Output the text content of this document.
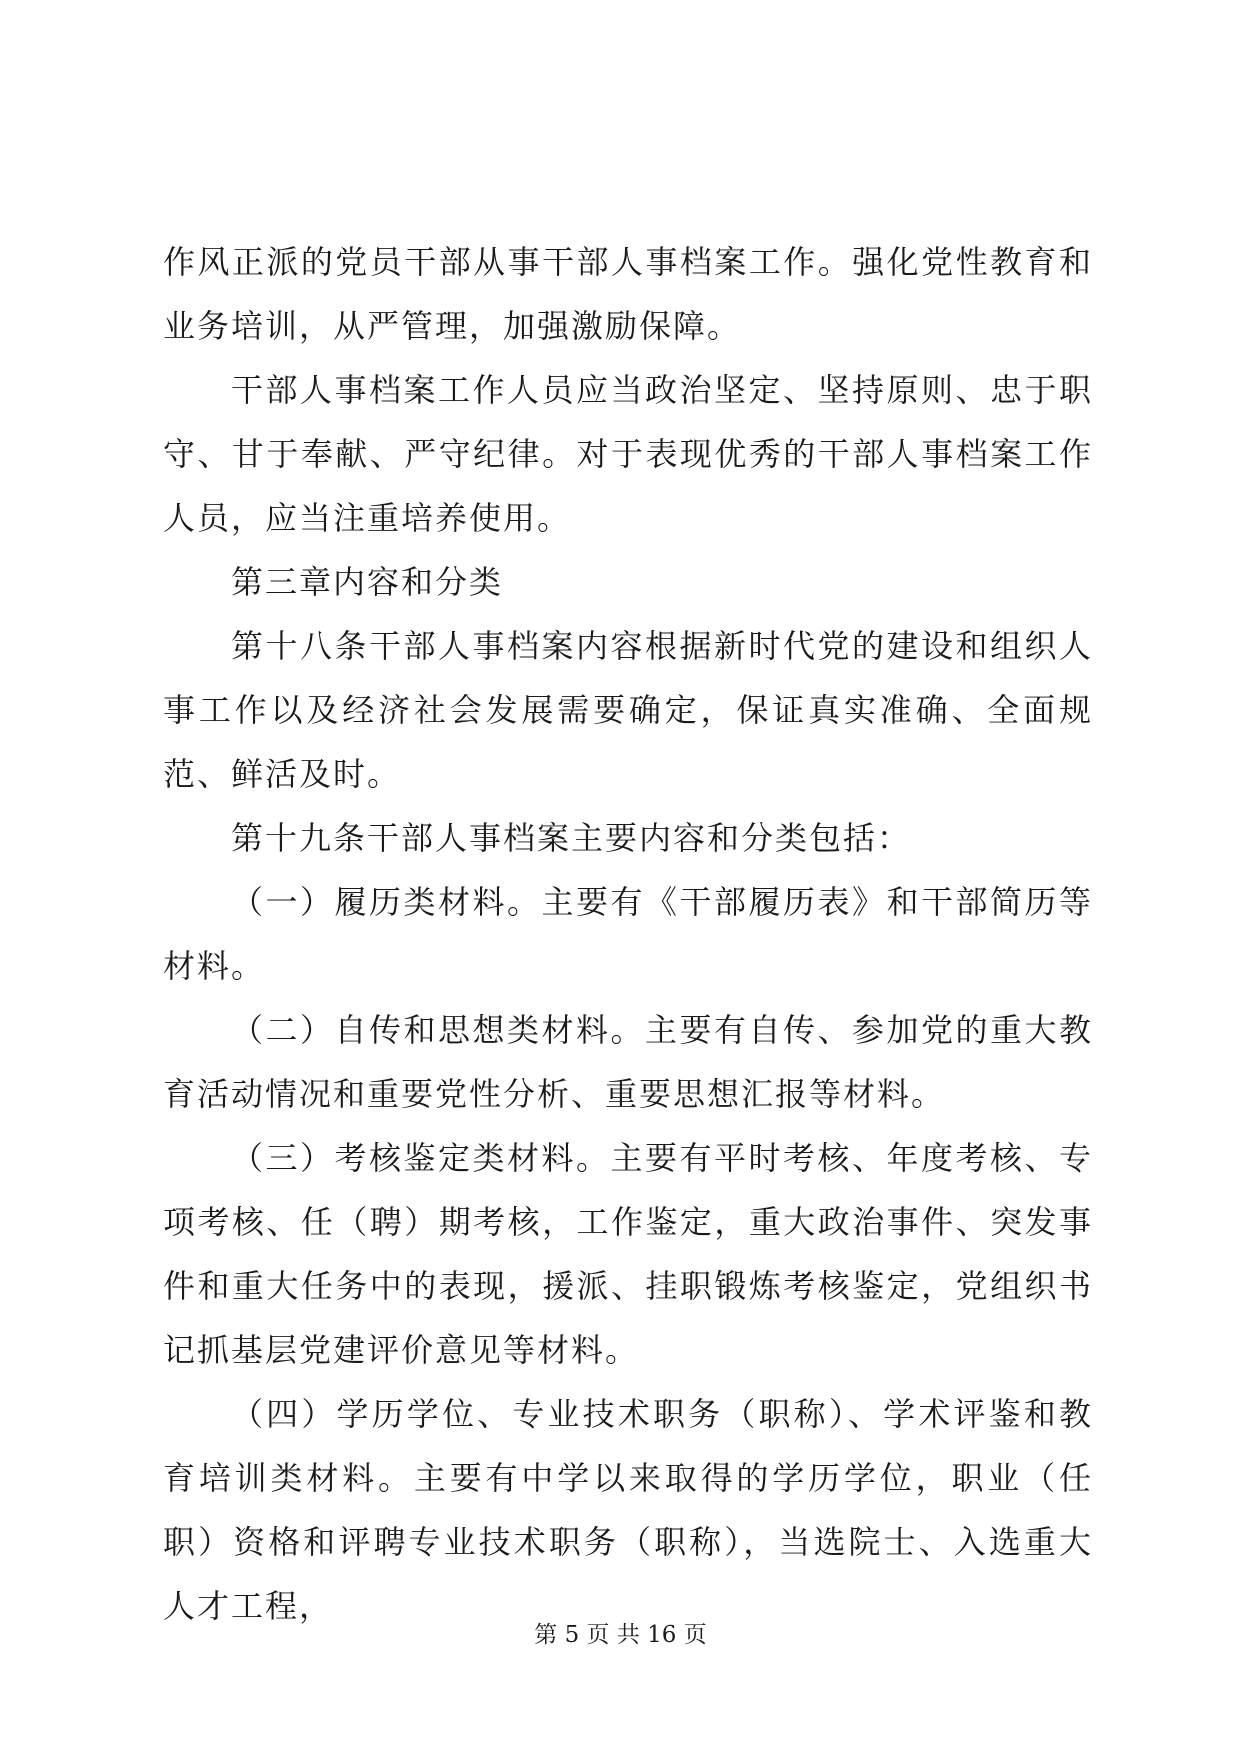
作风正派的党员干部从事干部人事档案工作。强化党性教育和业务培训，从严管理，加强激励保障。

干部人事档案工作人员应当政治坚定、坚持原则、忠于职守、甘于奉献、严守纪律。对于表现优秀的干部人事档案工作人员，应当注重培养使用。

第三章内容和分类

第十八条干部人事档案内容根据新时代党的建设和组织人事工作以及经济社会发展需要确定，保证真实准确、全面规范、鲜活及时。

第十九条干部人事档案主要内容和分类包括：

（一）履历类材料。主要有《干部履历表》和干部简历等材料。

（二）自传和思想类材料。主要有自传、参加党的重大教育活动情况和重要党性分析、重要思想汇报等材料。

（三）考核鉴定类材料。主要有平时考核、年度考核、专项考核、任（聘）期考核，工作鉴定，重大政治事件、突发事件和重大任务中的表现，援派、挂职锻炼考核鉴定，党组织书记抓基层党建评价意见等材料。

（四）学历学位、专业技术职务（职称）、学术评鉴和教育培训类材料。主要有中学以来取得的学历学位，职业（任职）资格和评聘专业技术职务（职称），当选院士、入选重大人才工程，

第 5 页 共 16 页
